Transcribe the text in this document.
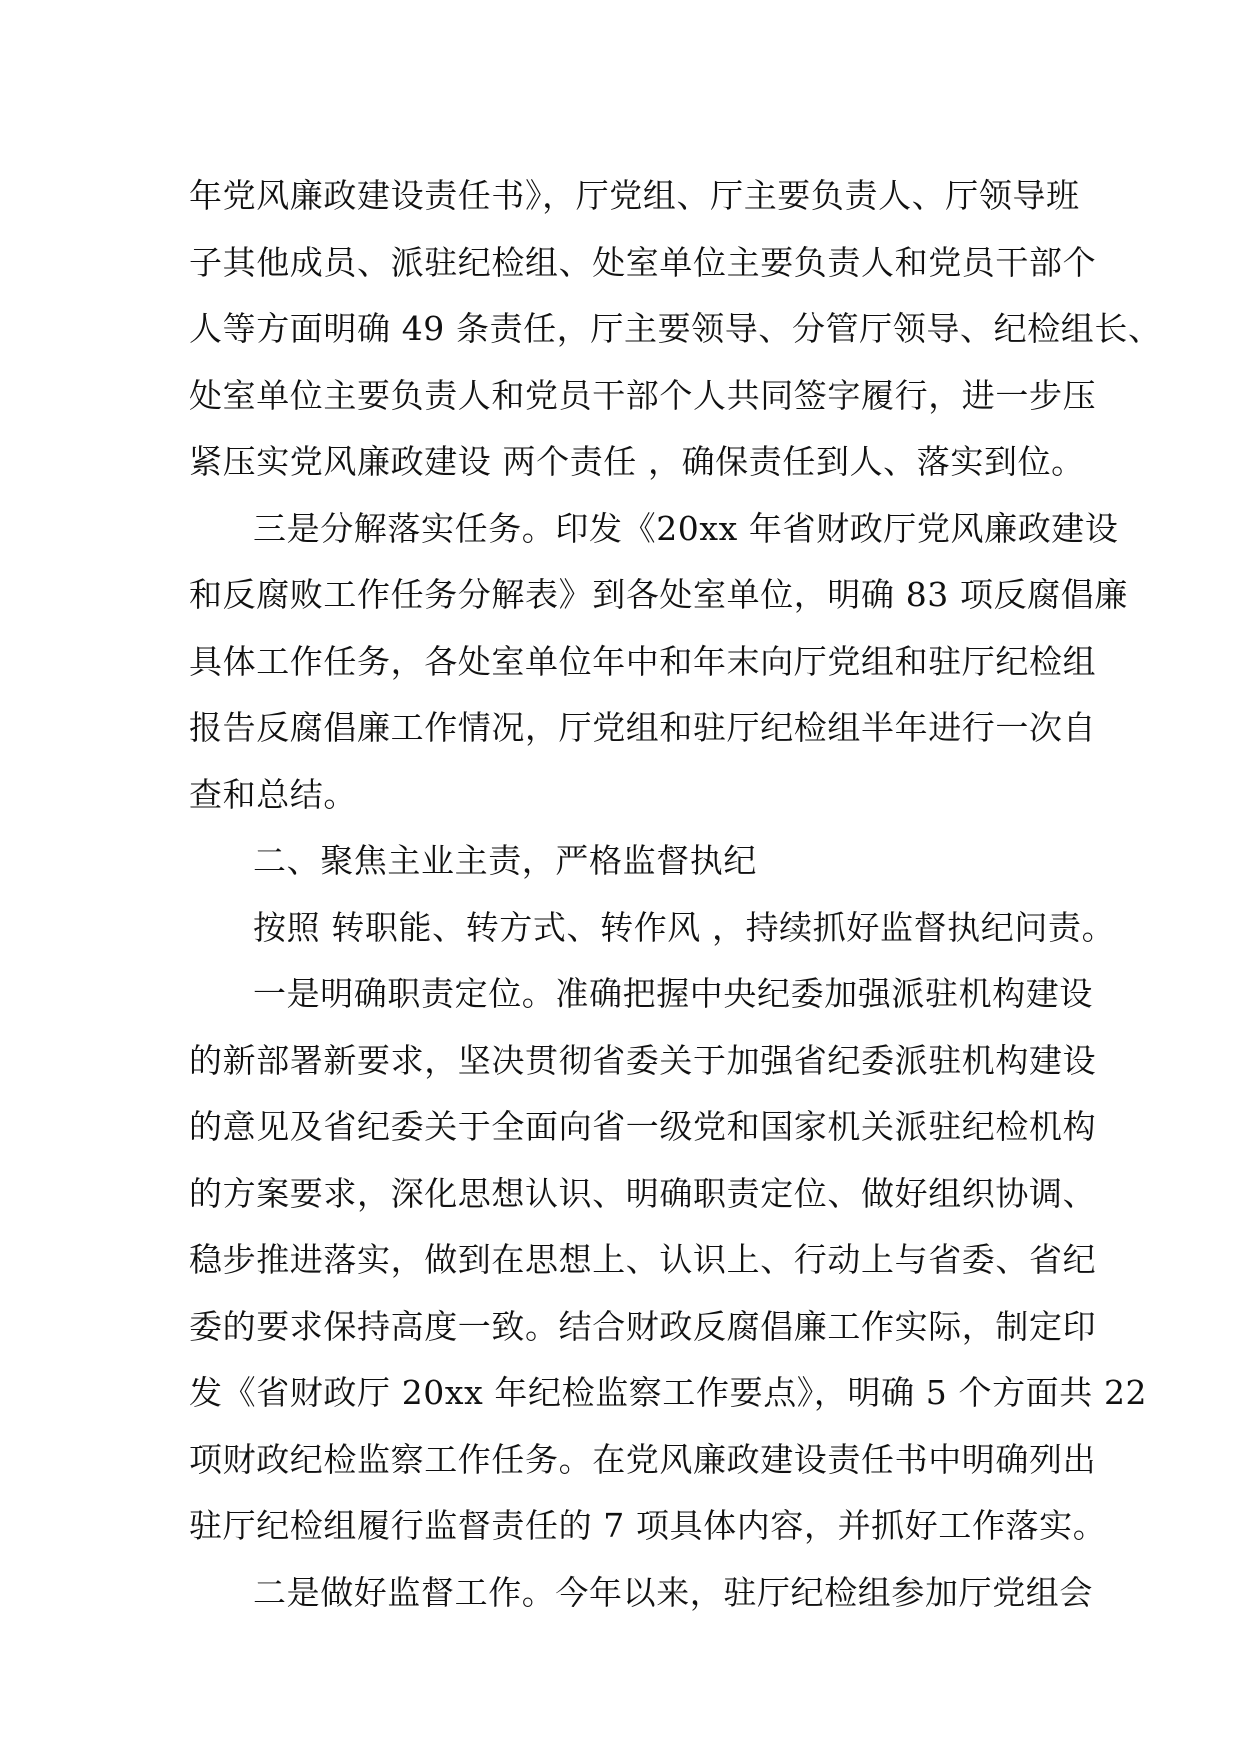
年党风廉政建设责任书》，厅党组、厅主要负责人、厅领导班
子其他成员、派驻纪检组、处室单位主要负责人和党员干部个
人等方面明确 49 条责任，厅主要领导、分管厅领导、纪检组长、
处室单位主要负责人和党员干部个人共同签字履行，进一步压
紧压实党风廉政建设 两个责任 ，确保责任到人、落实到位。
三是分解落实任务。印发《20xx 年省财政厅党风廉政建设
和反腐败工作任务分解表》到各处室单位，明确 83 项反腐倡廉
具体工作任务，各处室单位年中和年末向厅党组和驻厅纪检组
报告反腐倡廉工作情况，厅党组和驻厅纪检组半年进行一次自
查和总结。
二、聚焦主业主责，严格监督执纪
按照 转职能、转方式、转作风 ，持续抓好监督执纪问责。
一是明确职责定位。准确把握中央纪委加强派驻机构建设
的新部署新要求，坚决贯彻省委关于加强省纪委派驻机构建设
的意见及省纪委关于全面向省一级党和国家机关派驻纪检机构
的方案要求，深化思想认识、明确职责定位、做好组织协调、
稳步推进落实，做到在思想上、认识上、行动上与省委、省纪
委的要求保持高度一致。结合财政反腐倡廉工作实际，制定印
发《省财政厅 20xx 年纪检监察工作要点》，明确 5 个方面共 22
项财政纪检监察工作任务。在党风廉政建设责任书中明确列出
驻厅纪检组履行监督责任的 7 项具体内容，并抓好工作落实。
二是做好监督工作。今年以来，驻厅纪检组参加厅党组会
